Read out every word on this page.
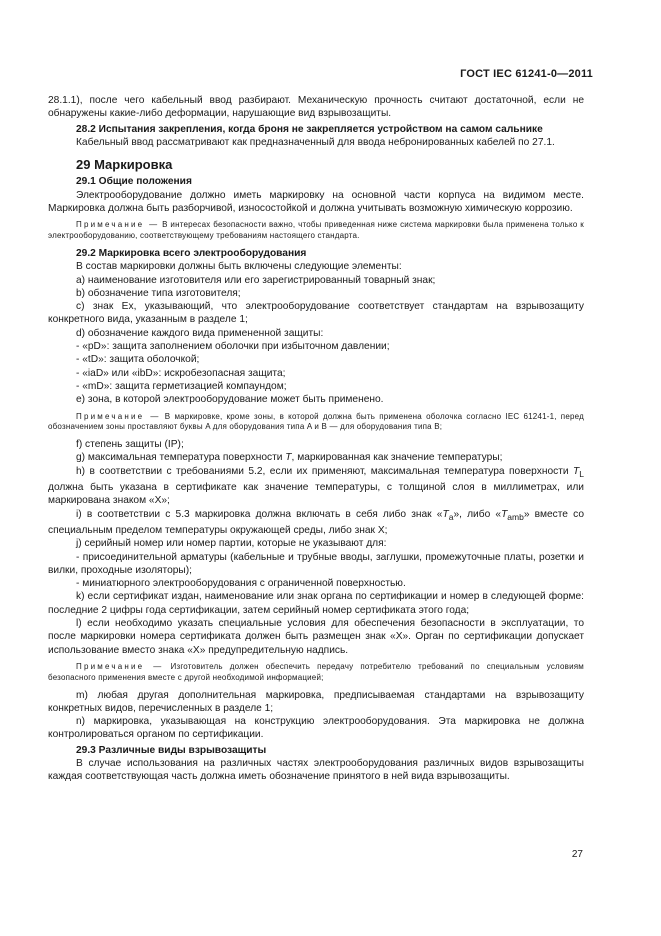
ГОСТ IEC 61241-0—2011

28.1.1), после чего кабельный ввод разбирают. Механическую прочность считают достаточной, если не обнаружены какие-либо деформации, нарушающие вид взрывозащиты.

28.2 Испытания закрепления, когда броня не закрепляется устройством на самом сальнике

Кабельный ввод рассматривают как предназначенный для ввода небронированных кабелей по 27.1.

29 Маркировка

29.1 Общие положения

Электрооборудование должно иметь маркировку на основной части корпуса на видимом месте. Маркировка должна быть разборчивой, износостойкой и должна учитывать возможную химическую коррозию.

Примечание — В интересах безопасности важно, чтобы приведенная ниже система маркировки была применена только к электрооборудованию, соответствующему требованиям настоящего стандарта.

29.2 Маркировка всего электрооборудования

В состав маркировки должны быть включены следующие элементы:

a) наименование изготовителя или его зарегистрированный товарный знак;

b) обозначение типа изготовителя;

c) знак Ex, указывающий, что электрооборудование соответствует стандартам на взрывозащиту конкретного вида, указанным в разделе 1;

d) обозначение каждого вида примененной защиты:

- «pD»: защита заполнением оболочки при избыточном давлении;

- «tD»: защита оболочкой;

- «iaD» или «ibD»: искробезопасная защита;

- «mD»: защита герметизацией компаундом;

e) зона, в которой электрооборудование может быть применено.

Примечание — В маркировке, кроме зоны, в которой должна быть применена оболочка согласно IEC 61241-1, перед обозначением зоны проставляют буквы A для оборудования типа A и B — для оборудования типа B;

f) степень защиты (IP);

g) максимальная температура поверхности T, маркированная как значение температуры;

h) в соответствии с требованиями 5.2, если их применяют, максимальная температура поверхности $T_L$ должна быть указана в сертификате как значение температуры, с толщиной слоя в миллиметрах, или маркирована знаком «X»;

i) в соответствии с 5.3 маркировка должна включать в себя либо знак «$T_a$», либо «$T_{amb}$» вместе со специальным пределом температуры окружающей среды, либо знак X;

j) серийный номер или номер партии, которые не указывают для:

- присоединительной арматуры (кабельные и трубные вводы, заглушки, промежуточные платы, розетки и вилки, проходные изоляторы);

- миниатюрного электрооборудования с ограниченной поверхностью.

k) если сертификат издан, наименование или знак органа по сертификации и номер в следующей форме: последние 2 цифры года сертификации, затем серийный номер сертификата этого года;

l) если необходимо указать специальные условия для обеспечения безопасности в эксплуатации, то после маркировки номера сертификата должен быть размещен знак «X». Орган по сертификации допускает использование вместо знака «X» предупредительную надпись.

Примечание — Изготовитель должен обеспечить передачу потребителю требований по специальным условиям безопасного применения вместе с другой необходимой информацией;

m) любая другая дополнительная маркировка, предписываемая стандартами на взрывозащиту конкретных видов, перечисленных в разделе 1;

n) маркировка, указывающая на конструкцию электрооборудования. Эта маркировка не должна контролироваться органом по сертификации.

29.3 Различные виды взрывозащиты

В случае использования на различных частях электрооборудования различных видов взрывозащиты каждая соответствующая часть должна иметь обозначение принятого в ней вида взрывозащиты.

27
